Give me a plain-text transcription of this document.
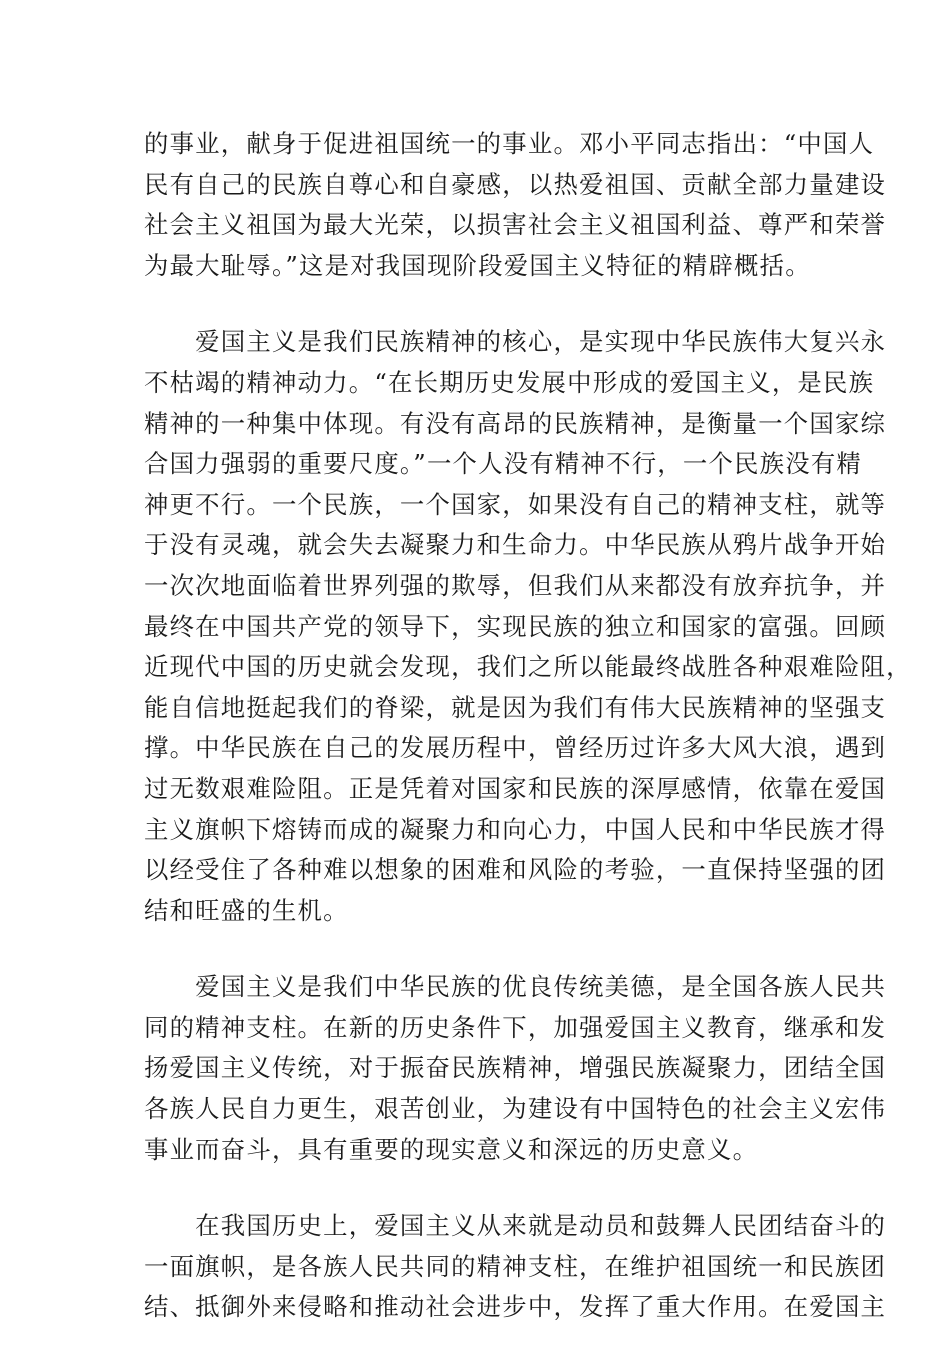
的事业，献身于促进祖国统一的事业。邓小平同志指出：“中国人
民有自己的民族自尊心和自豪感，以热爱祖国、贡献全部力量建设
社会主义祖国为最大光荣，以损害社会主义祖国利益、尊严和荣誉
为最大耻辱。”这是对我国现阶段爱国主义特征的精辟概括。
　　爱国主义是我们民族精神的核心，是实现中华民族伟大复兴永
不枯竭的精神动力。“在长期历史发展中形成的爱国主义，是民族
精神的一种集中体现。有没有高昂的民族精神，是衡量一个国家综
合国力强弱的重要尺度。”一个人没有精神不行，一个民族没有精
神更不行。一个民族，一个国家，如果没有自己的精神支柱，就等
于没有灵魂，就会失去凝聚力和生命力。中华民族从鸦片战争开始
一次次地面临着世界列强的欺辱，但我们从来都没有放弃抗争，并
最终在中国共产党的领导下，实现民族的独立和国家的富强。回顾
近现代中国的历史就会发现，我们之所以能最终战胜各种艰难险阻，
能自信地挺起我们的脊梁，就是因为我们有伟大民族精神的坚强支
撑。中华民族在自己的发展历程中，曾经历过许多大风大浪，遇到
过无数艰难险阻。正是凭着对国家和民族的深厚感情，依靠在爱国
主义旗帜下熔铸而成的凝聚力和向心力，中国人民和中华民族才得
以经受住了各种难以想象的困难和风险的考验，一直保持坚强的团
结和旺盛的生机。
　　爱国主义是我们中华民族的优良传统美德，是全国各族人民共
同的精神支柱。在新的历史条件下，加强爱国主义教育，继承和发
扬爱国主义传统，对于振奋民族精神，增强民族凝聚力，团结全国
各族人民自力更生，艰苦创业，为建设有中国特色的社会主义宏伟
事业而奋斗，具有重要的现实意义和深远的历史意义。
　　在我国历史上，爱国主义从来就是动员和鼓舞人民团结奋斗的
一面旗帜，是各族人民共同的精神支柱，在维护祖国统一和民族团
结、抵御外来侵略和推动社会进步中，发挥了重大作用。在爱国主
